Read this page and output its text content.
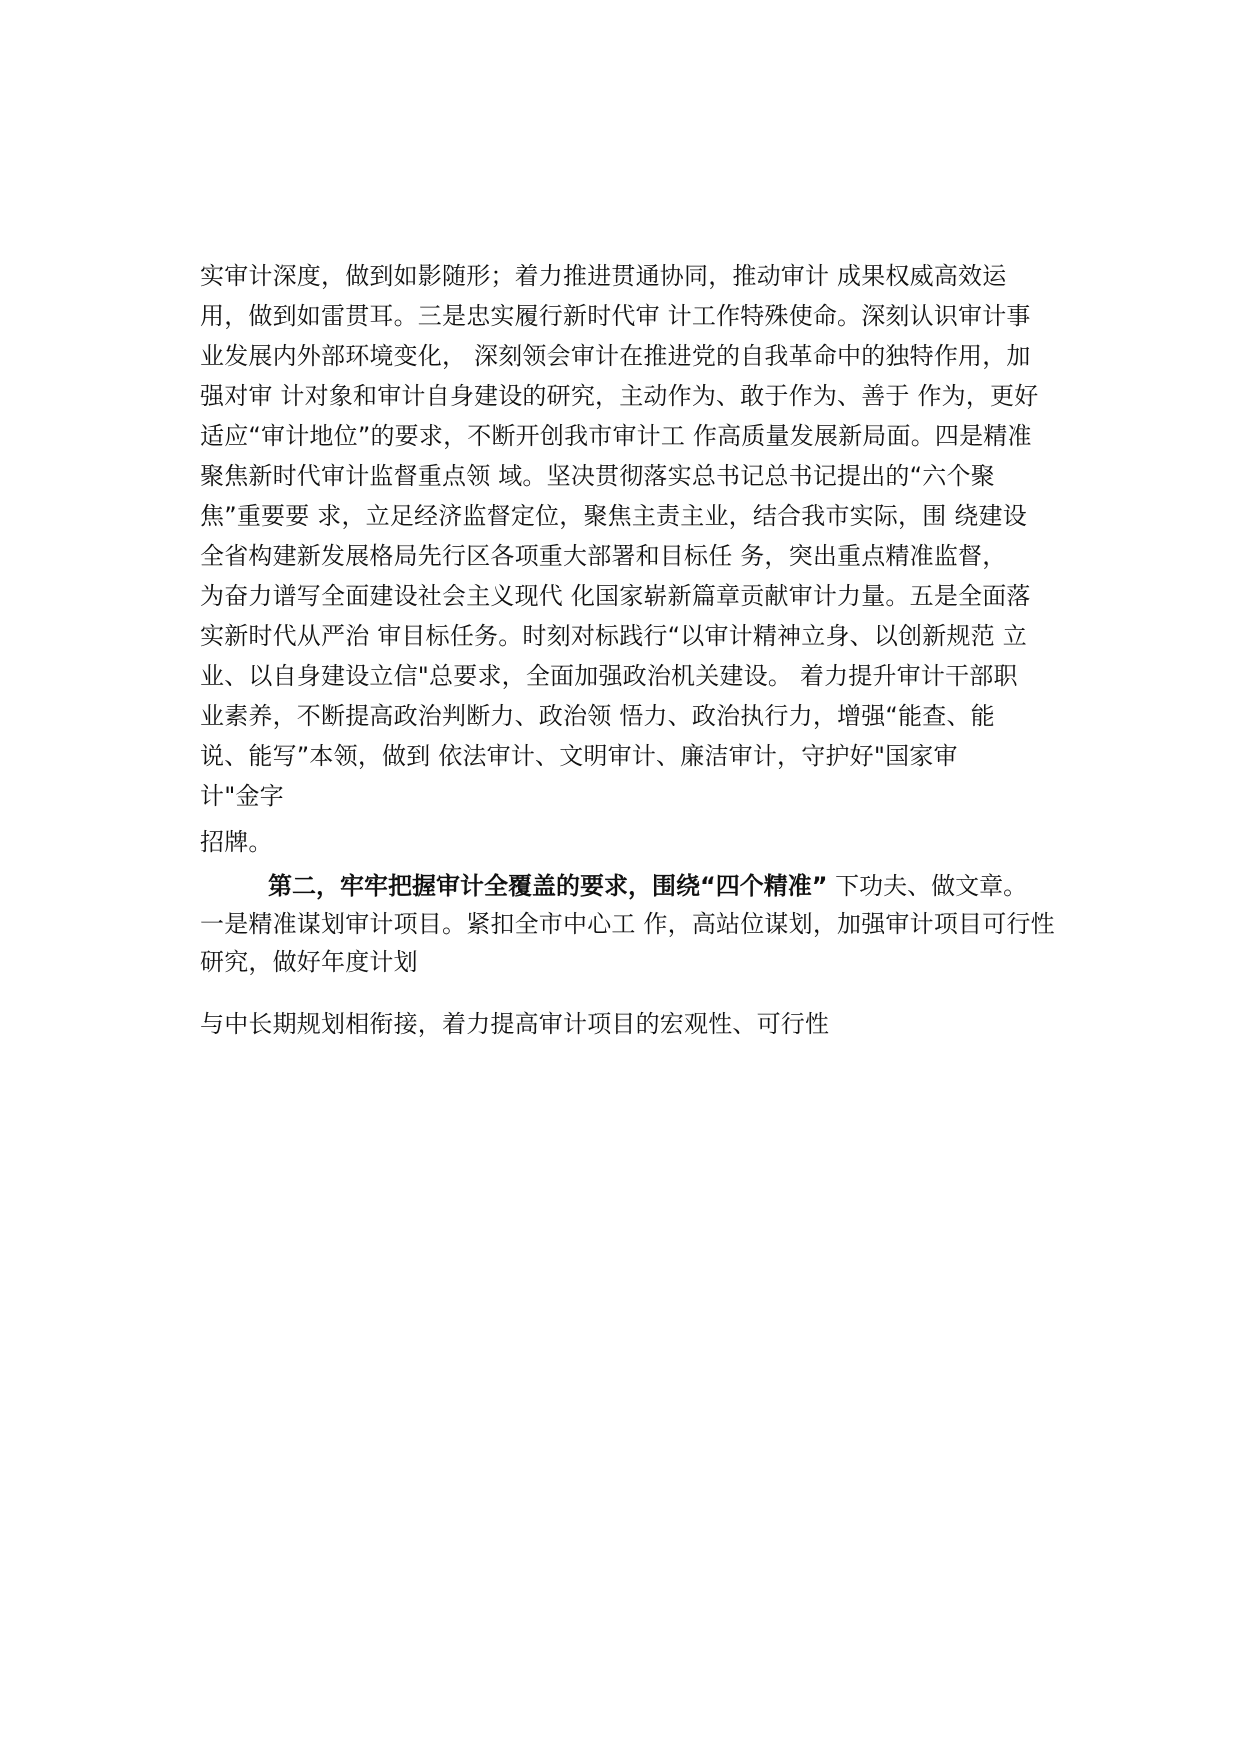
实审计深度，做到如影随形；着力推进贯通协同，推动审计 成果权威高效运
用，做到如雷贯耳。三是忠实履行新时代审 计工作特殊使命。深刻认识审计事
业发展内外部环境变化， 深刻领会审计在推进党的自我革命中的独特作用，加
强对审 计对象和审计自身建设的研究，主动作为、敢于作为、善于 作为，更好
适应“审计地位”的要求，不断开创我市审计工 作高质量发展新局面。四是精准
聚焦新时代审计监督重点领 域。坚决贯彻落实总书记总书记提出的“六个聚
焦”重要要 求，立足经济监督定位，聚焦主责主业，结合我市实际，围 绕建设
全省构建新发展格局先行区各项重大部署和目标任 务，突出重点精准监督，
为奋力谱写全面建设社会主义现代 化国家崭新篇章贡献审计力量。五是全面落
实新时代从严治 审目标任务。时刻对标践行“以审计精神立身、以创新规范 立
业、以自身建设立信"总要求，全面加强政治机关建设。 着力提升审计干部职
业素养，不断提高政治判断力、政治领 悟力、政治执行力，增强“能查、能
说、能写”本领，做到 依法审计、文明审计、廉洁审计，守护好"国家审
计"金字
招牌。
第二，牢牢把握审计全覆盖的要求，围绕“四个精准” 下功夫、做文章。
一是精准谋划审计项目。紧扣全市中心工 作，高站位谋划，加强审计项目可行性
研究，做好年度计划
与中长期规划相衔接，着力提高审计项目的宏观性、可行性
